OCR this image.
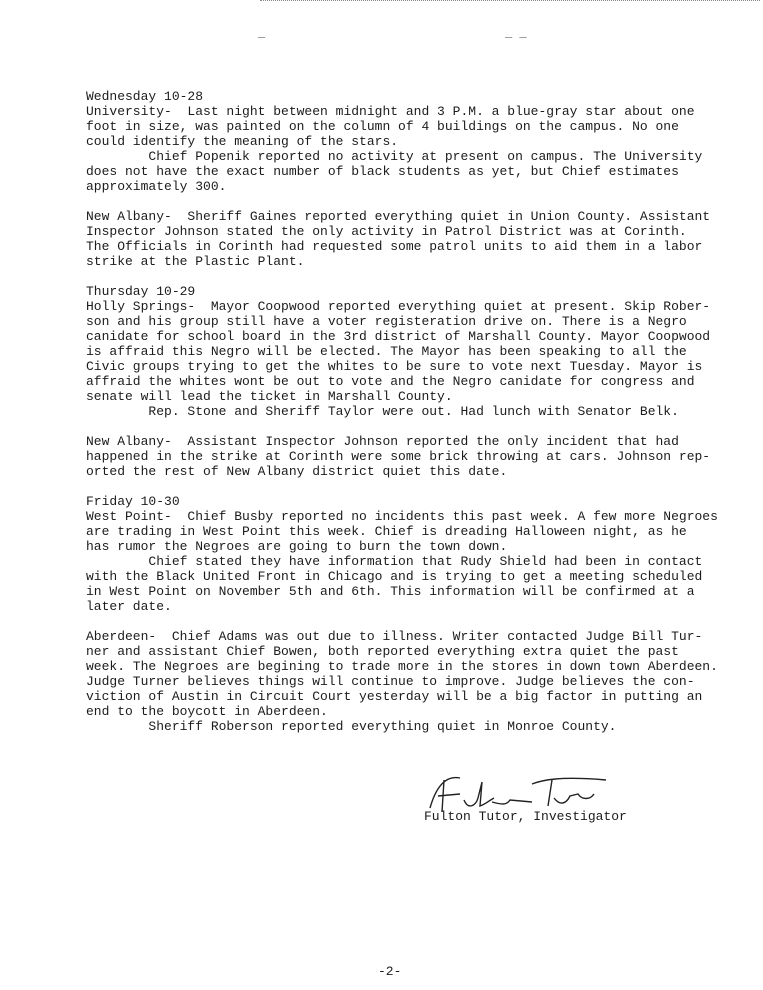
‾	‾ ‾
Wednesday 10-28
University-  Last night between midnight and 3 P.M. a blue-gray star about one
foot in size, was painted on the column of 4 buildings on the campus. No one
could identify the meaning of the stars.
Chief Popenik reported no activity at present on campus. The University
does not have the exact number of black students as yet, but Chief estimates
approximately 300.
New Albany-  Sheriff Gaines reported everything quiet in Union County. Assistant
Inspector Johnson stated the only activity in Patrol District was at Corinth.
The Officials in Corinth had requested some patrol units to aid them in a labor
strike at the Plastic Plant.
Thursday 10-29
Holly Springs-  Mayor Coopwood reported everything quiet at present. Skip Rober-
son and his group still have a voter registeration drive on. There is a Negro
canidate for school board in the 3rd district of Marshall County. Mayor Coopwood
is affraid this Negro will be elected. The Mayor has been speaking to all the
Civic groups trying to get the whites to be sure to vote next Tuesday. Mayor is
affraid the whites wont be out to vote and the Negro canidate for congress and
senate will lead the ticket in Marshall County.
Rep. Stone and Sheriff Taylor were out. Had lunch with Senator Belk.
New Albany-  Assistant Inspector Johnson reported the only incident that had
happened in the strike at Corinth were some brick throwing at cars. Johnson rep-
orted the rest of New Albany district quiet this date.
Friday 10-30
West Point-  Chief Busby reported no incidents this past week. A few more Negroes
are trading in West Point this week. Chief is dreading Halloween night, as he
has rumor the Negroes are going to burn the town down.
Chief stated they have information that Rudy Shield had been in contact
with the Black United Front in Chicago and is trying to get a meeting scheduled
in West Point on November 5th and 6th. This information will be confirmed at a
later date.
Aberdeen-  Chief Adams was out due to illness. Writer contacted Judge Bill Tur-
ner and assistant Chief Bowen, both reported everything extra quiet the past
week. The Negroes are begining to trade more in the stores in down town Aberdeen.
Judge Turner believes things will continue to improve. Judge believes the con-
viction of Austin in Circuit Court yesterday will be a big factor in putting an
end to the boycott in Aberdeen.
Sheriff Roberson reported everything quiet in Monroe County.
Fulton Tutor, Investigator
-2-
